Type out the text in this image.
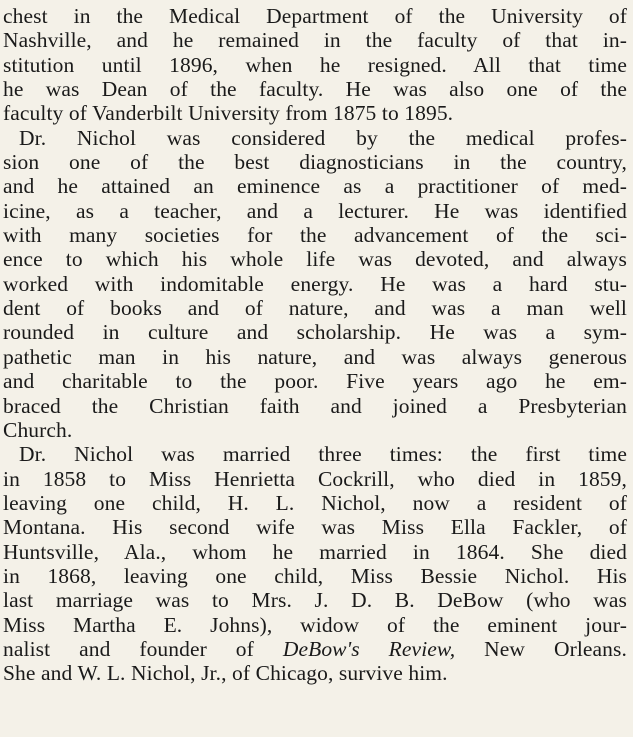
chest in the Medical Department of the University of
Nashville, and he remained in the faculty of that in-
stitution until 1896, when he resigned. All that time
he was Dean of the faculty. He was also one of the
faculty of Vanderbilt University from 1875 to 1895.
Dr. Nichol was considered by the medical profes-
sion one of the best diagnosticians in the country,
and he attained an eminence as a practitioner of med-
icine, as a teacher, and a lecturer. He was identified
with many societies for the advancement of the sci-
ence to which his whole life was devoted, and always
worked with indomitable energy. He was a hard stu-
dent of books and of nature, and was a man well
rounded in culture and scholarship. He was a sym-
pathetic man in his nature, and was always generous
and charitable to the poor. Five years ago he em-
braced the Christian faith and joined a Presbyterian
Church.
Dr. Nichol was married three times: the first time
in 1858 to Miss Henrietta Cockrill, who died in 1859,
leaving one child, H. L. Nichol, now a resident of
Montana. His second wife was Miss Ella Fackler, of
Huntsville, Ala., whom he married in 1864. She died
in 1868, leaving one child, Miss Bessie Nichol. His
last marriage was to Mrs. J. D. B. DeBow (who was
Miss Martha E. Johns), widow of the eminent jour-
nalist and founder of DeBow's Review, New Orleans.
She and W. L. Nichol, Jr., of Chicago, survive him.
